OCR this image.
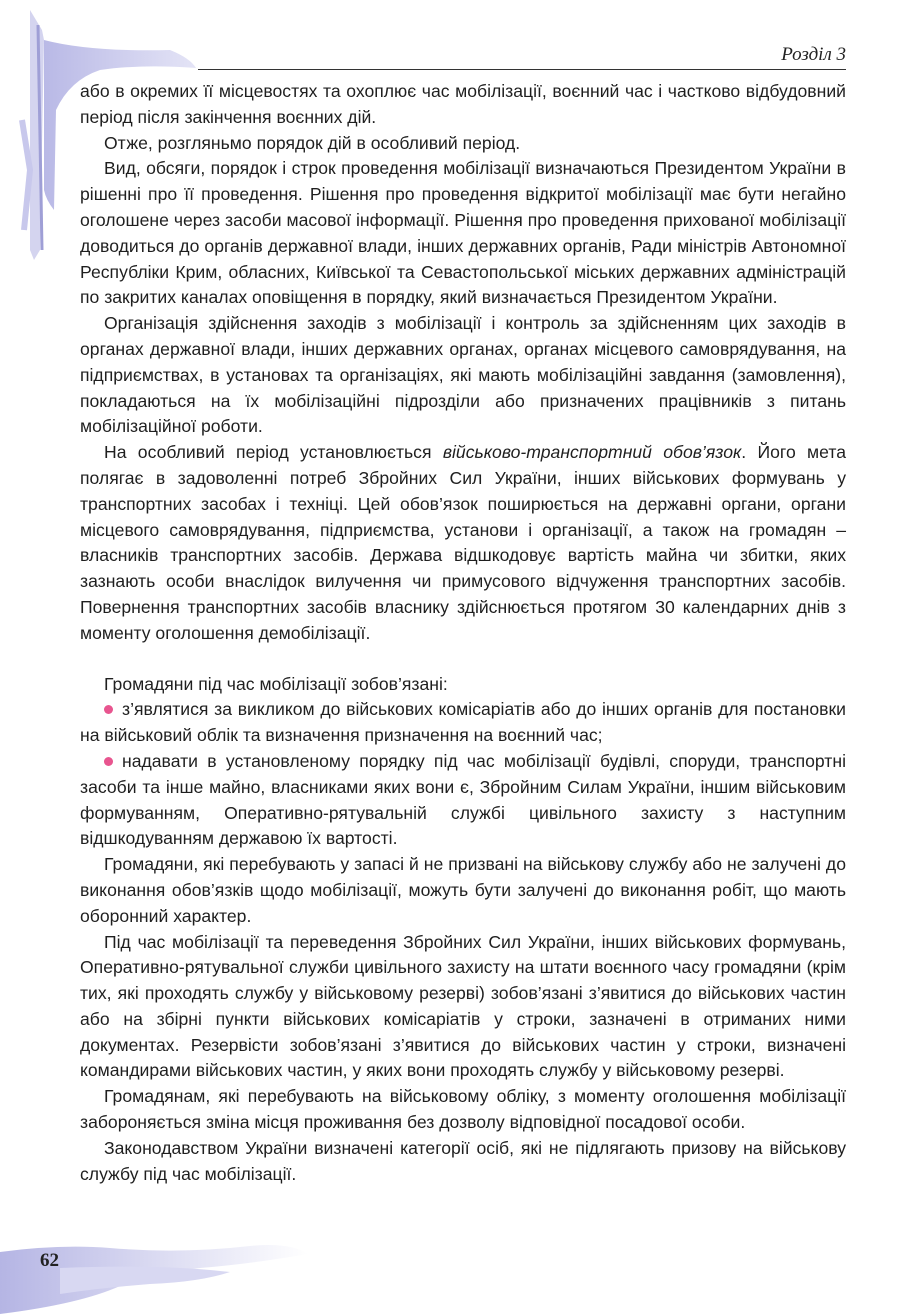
Розділ 3

або в окремих її місцевостях та охоплює час мобілізації, воєнний час і частково відбудовний період після закінчення воєнних дій.

Отже, розгляньмо порядок дій в особливий період.

Вид, обсяги, порядок і строк проведення мобілізації визначаються Президентом України в рішенні про її проведення. Рішення про проведення відкритої мобілізації має бути негайно оголошене через засоби масової інформації. Рішення про проведення прихованої мобілізації доводиться до органів державної влади, інших державних органів, Ради міністрів Автономної Республіки Крим, обласних, Київської та Севастопольської міських державних адміністрацій по закритих каналах оповіщення в порядку, який визначається Президентом України.

Організація здійснення заходів з мобілізації і контроль за здійсненням цих заходів в органах державної влади, інших державних органах, органах місцевого самоврядування, на підприємствах, в установах та організаціях, які мають мобілізаційні завдання (замовлення), покладаються на їх мобілізаційні підрозділи або призначених працівників з питань мобілізаційної роботи.

На особливий період установлюється військово-транспортний обов’язок. Його мета полягає в задоволенні потреб Збройних Сил України, інших військових формувань у транспортних засобах і техніці. Цей обов’язок поширюється на державні органи, органи місцевого самоврядування, підприємства, установи і організації, а також на громадян – власників транспортних засобів. Держава відшкодовує вартість майна чи збитки, яких зазнають особи внаслідок вилучення чи примусового відчуження транспортних засобів. Повернення транспортних засобів власнику здійснюється протягом 30 календарних днів з моменту оголошення демобілізації.

Громадяни під час мобілізації зобов’язані:

з’являтися за викликом до військових комісаріатів або до інших органів для постановки на військовий облік та визначення призначення на воєнний час;

надавати в установленому порядку під час мобілізації будівлі, споруди, транспортні засоби та інше майно, власниками яких вони є, Збройним Силам України, іншим військовим формуванням, Оперативно-рятувальній службі цивільного захисту з наступним відшкодуванням державою їх вартості.

Громадяни, які перебувають у запасі й не призвані на військову службу або не залучені до виконання обов’язків щодо мобілізації, можуть бути залучені до виконання робіт, що мають оборонний характер.

Під час мобілізації та переведення Збройних Сил України, інших військових формувань, Оперативно-рятувальної служби цивільного захисту на штати воєнного часу громадяни (крім тих, які проходять службу у військовому резерві) зобов’язані з’явитися до військових частин або на збірні пункти військових комісаріатів у строки, зазначені в отриманих ними документах. Резервісти зобов’язані з’явитися до військових частин у строки, визначені командирами військових частин, у яких вони проходять службу у військовому резерві.

Громадянам, які перебувають на військовому обліку, з моменту оголошення мобілізації забороняється зміна місця проживання без дозволу відповідної посадової особи.

Законодавством України визначені категорії осіб, які не підлягають призову на військову службу під час мобілізації.

62
